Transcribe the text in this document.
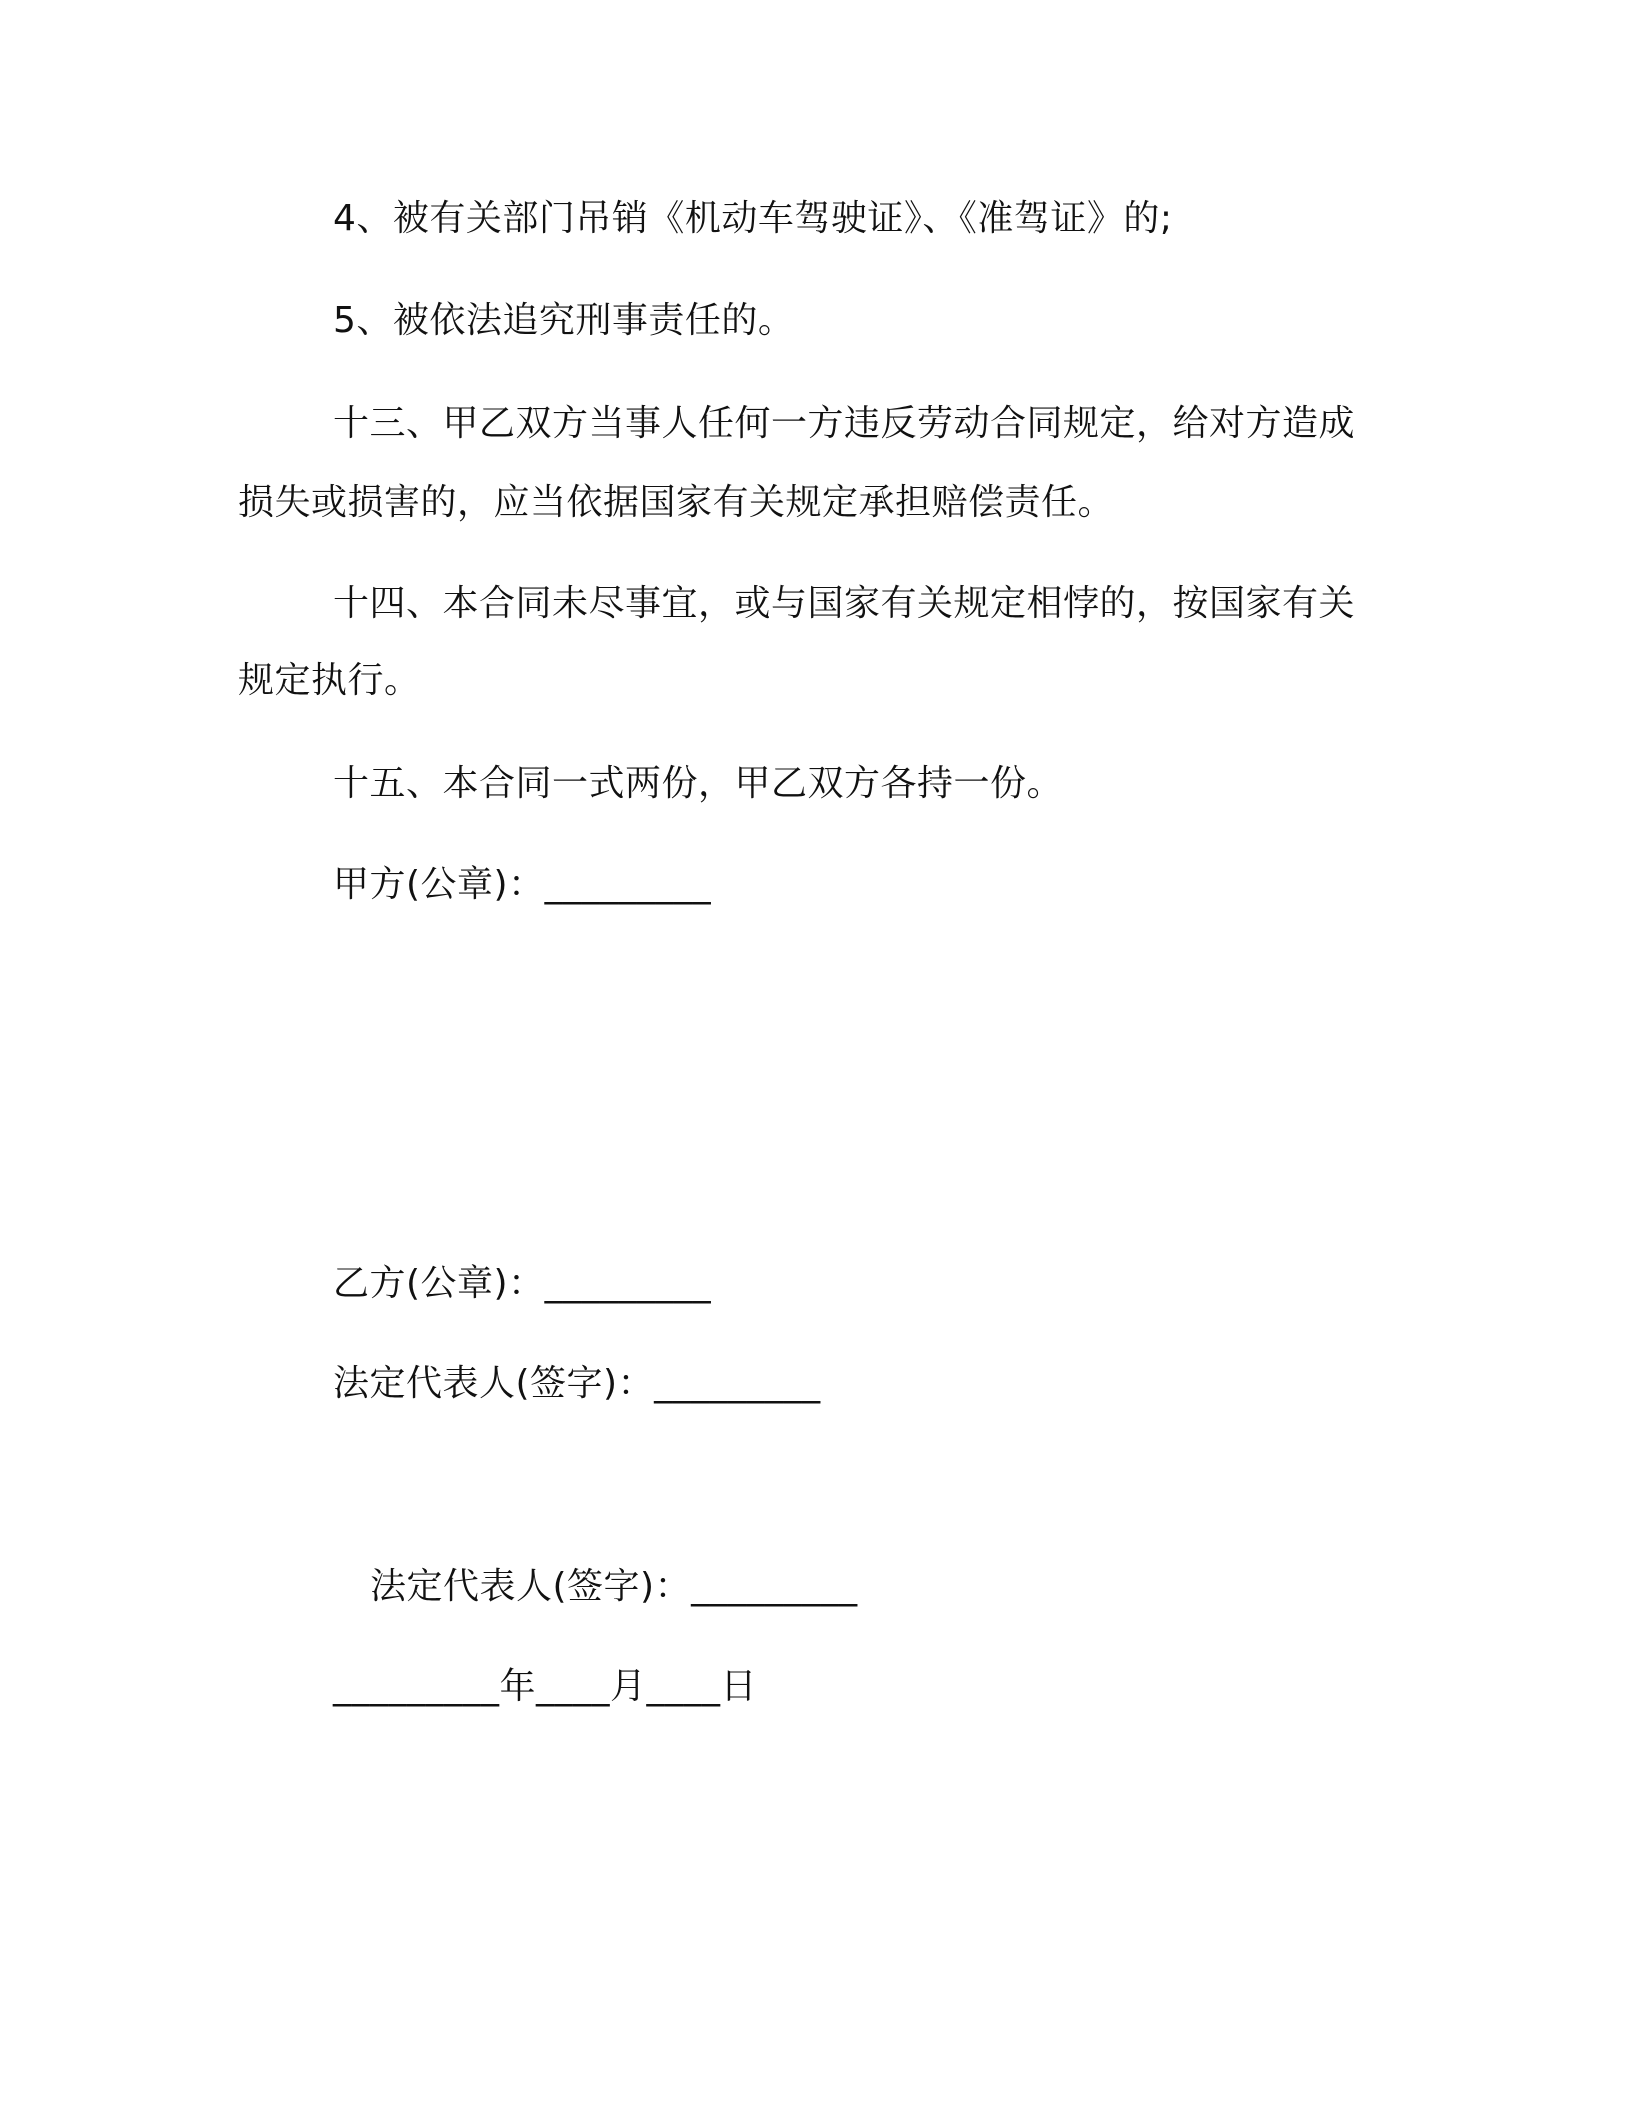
4、被有关部门吊销《机动车驾驶证》、《准驾证》的;
5、被依法追究刑事责任的。
十三、甲乙双方当事人任何一方违反劳动合同规定，给对方造成
损失或损害的，应当依据国家有关规定承担赔偿责任。
十四、本合同未尽事宜，或与国家有关规定相悖的，按国家有关
规定执行。
十五、本合同一式两份，甲乙双方各持一份。
甲方(公章)：_________
乙方(公章)：_________
法定代表人(签字)：_________
法定代表人(签字)：_________
_________年____月____日
